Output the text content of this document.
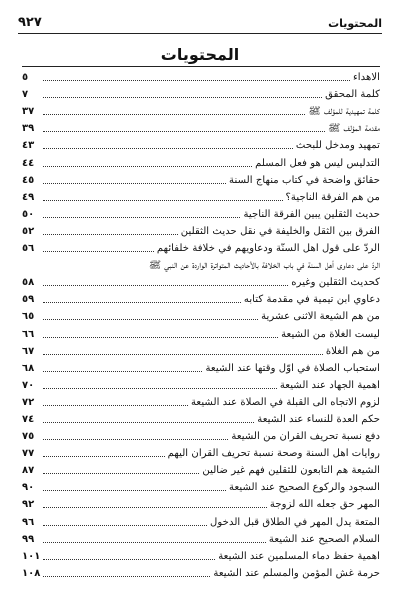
المحتويات
٩٢٧
المحتويات
الاهداء
٥
كلمة المحقق
٧
كلمة تمهيدية للمؤلف ﷺ
٣٧
مقدمة المؤلف ﷺ
٣٩
تمهيد ومدخل للبحث
٤٣
التدليس ليس هو فعل المسلم
٤٤
حقائق واضحة في كتاب منهاج السنة
٤٥
من هم الفرقة الناجية؟
٤٩
حديث الثقلين يبين الفرقة الناجية
٥٠
الفرق بين الثقل والخليفة في نقل حديث الثقلين
٥٢
الردّ على قول أهل السنّة ودعاويهم في خلافة خلفائهم
٥٦
الردّ على دعاوى أهل السنة في باب الخلافة بالأحاديث المتواترة الواردة عن النبي ﷺ
كحديث الثقلين وغيره
٥٨
دعاوي ابن تيمية في مقدمة كتابه
٥٩
من هم الشيعة الاثنى عشرية
٦٥
ليست الغلاة من الشيعة
٦٦
من هم الغلاة
٦٧
استحباب الصلاة في أوّل وقتها عند الشيعة
٦٨
أهمية الجهاد عند الشيعة
٧٠
لزوم الاتجاه الى القبلة في الصلاة عند الشيعة
٧٢
حكم العدة للنساء عند الشيعة
٧٤
دفع نسبة تحريف القرآن من الشيعة
٧٥
روايات أهل السنة وصحة نسبة تحريف القرآن اليهم
٧٧
الشيعة هم التابعون للثقلين فهم غير ضالين
٨٧
السجود والركوع الصحيح عند الشيعة
٩٠
المهر حق جعله الله لزوجة
٩٢
المتعة يدل المهر في الطلاق قبل الدخول
٩٦
السلام الصحيح عند الشيعة
٩٩
أهمية حفظ دماء المسلمين عند الشيعة
١٠١
حرمة غش المؤمن والمسلم عند الشيعة
١٠٨
